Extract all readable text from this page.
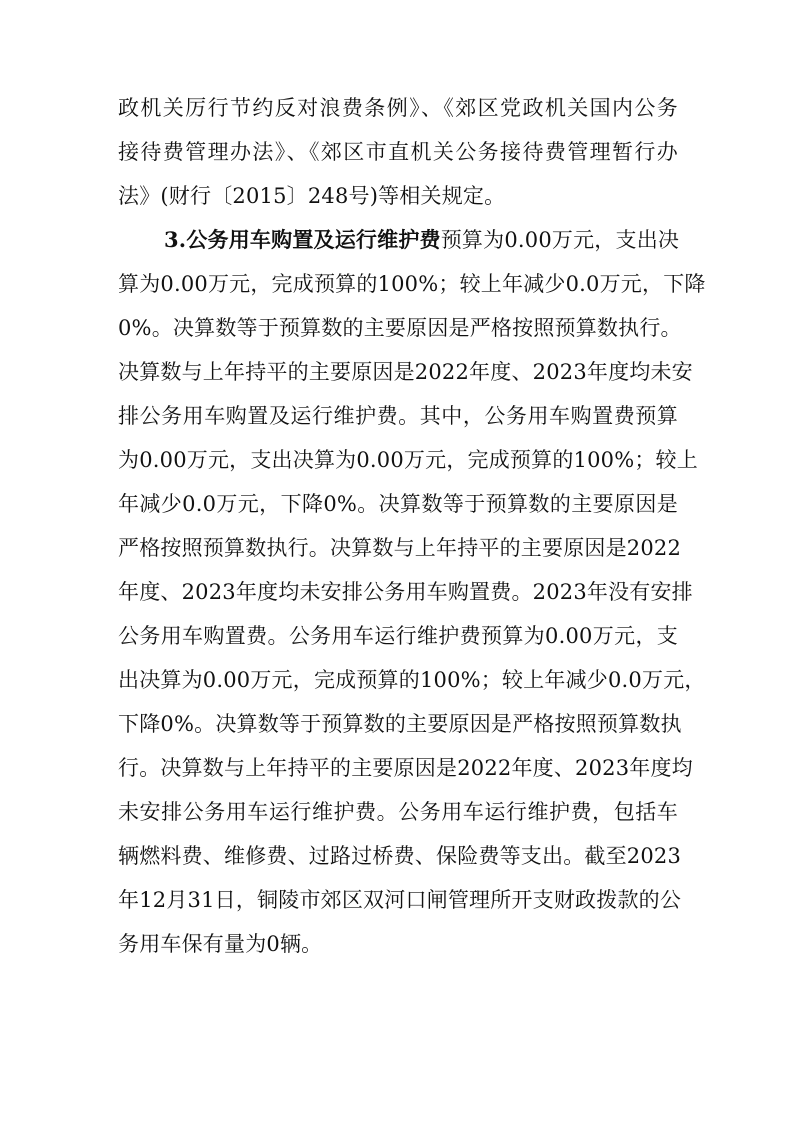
政机关厉行节约反对浪费条例》、《郊区党政机关国内公务
接待费管理办法》、《郊区市直机关公务接待费管理暂行办
法》(财行〔2015〕248号)等相关规定。
3.公务用车购置及运行维护费预算为0.00万元，支出决
算为0.00万元，完成预算的100%；较上年减少0.0万元，下降
0%。决算数等于预算数的主要原因是严格按照预算数执行。
决算数与上年持平的主要原因是2022年度、2023年度均未安
排公务用车购置及运行维护费。其中，公务用车购置费预算
为0.00万元，支出决算为0.00万元，完成预算的100%；较上
年减少0.0万元，下降0%。决算数等于预算数的主要原因是
严格按照预算数执行。决算数与上年持平的主要原因是2022
年度、2023年度均未安排公务用车购置费。2023年没有安排
公务用车购置费。公务用车运行维护费预算为0.00万元，支
出决算为0.00万元，完成预算的100%；较上年减少0.0万元，
下降0%。决算数等于预算数的主要原因是严格按照预算数执
行。决算数与上年持平的主要原因是2022年度、2023年度均
未安排公务用车运行维护费。公务用车运行维护费，包括车
辆燃料费、维修费、过路过桥费、保险费等支出。截至2023
年12月31日，铜陵市郊区双河口闸管理所开支财政拨款的公
务用车保有量为0辆。
